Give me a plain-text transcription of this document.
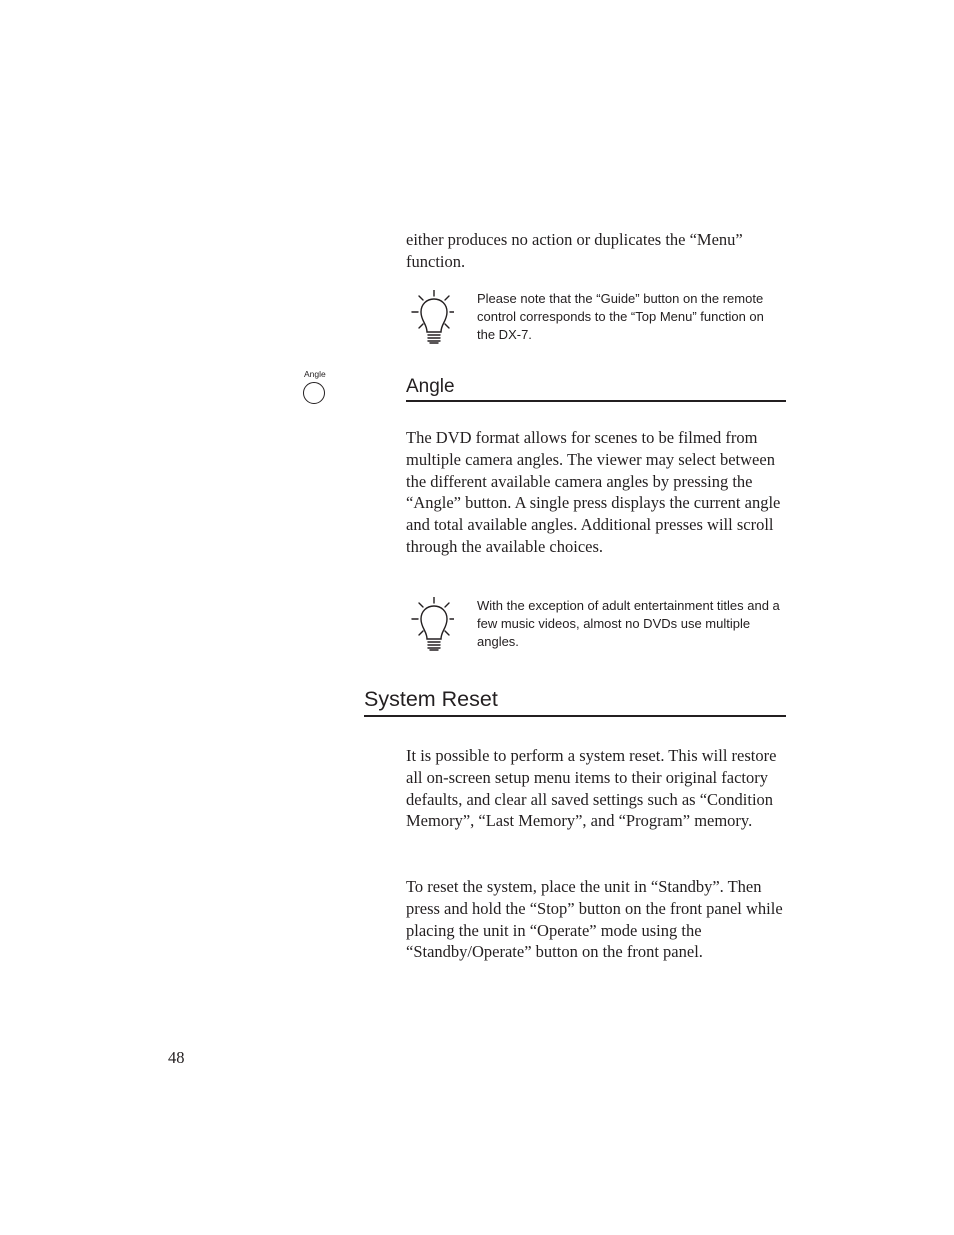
either produces no action or duplicates the “Menu” function.

Please note that the “Guide” button on the remote control corresponds to the “Top Menu” function on the DX-7.

Angle
Angle

The DVD format allows for scenes to be filmed from multiple camera angles. The viewer may select between the different available camera angles by pressing the “Angle” button. A single press displays the current angle and total available angles. Additional presses will scroll through the available choices.

With the exception of adult entertainment titles and a few music videos, almost no DVDs use multiple angles.

System Reset

It is possible to perform a system reset. This will restore all on-screen setup menu items to their original factory defaults, and clear all saved settings such as “Condition Memory”, “Last Memory”, and “Program” memory.

To reset the system, place the unit in “Standby”. Then press and hold the “Stop” button on the front panel while placing the unit in “Operate” mode using the “Standby/Operate” button on the front panel.

48
